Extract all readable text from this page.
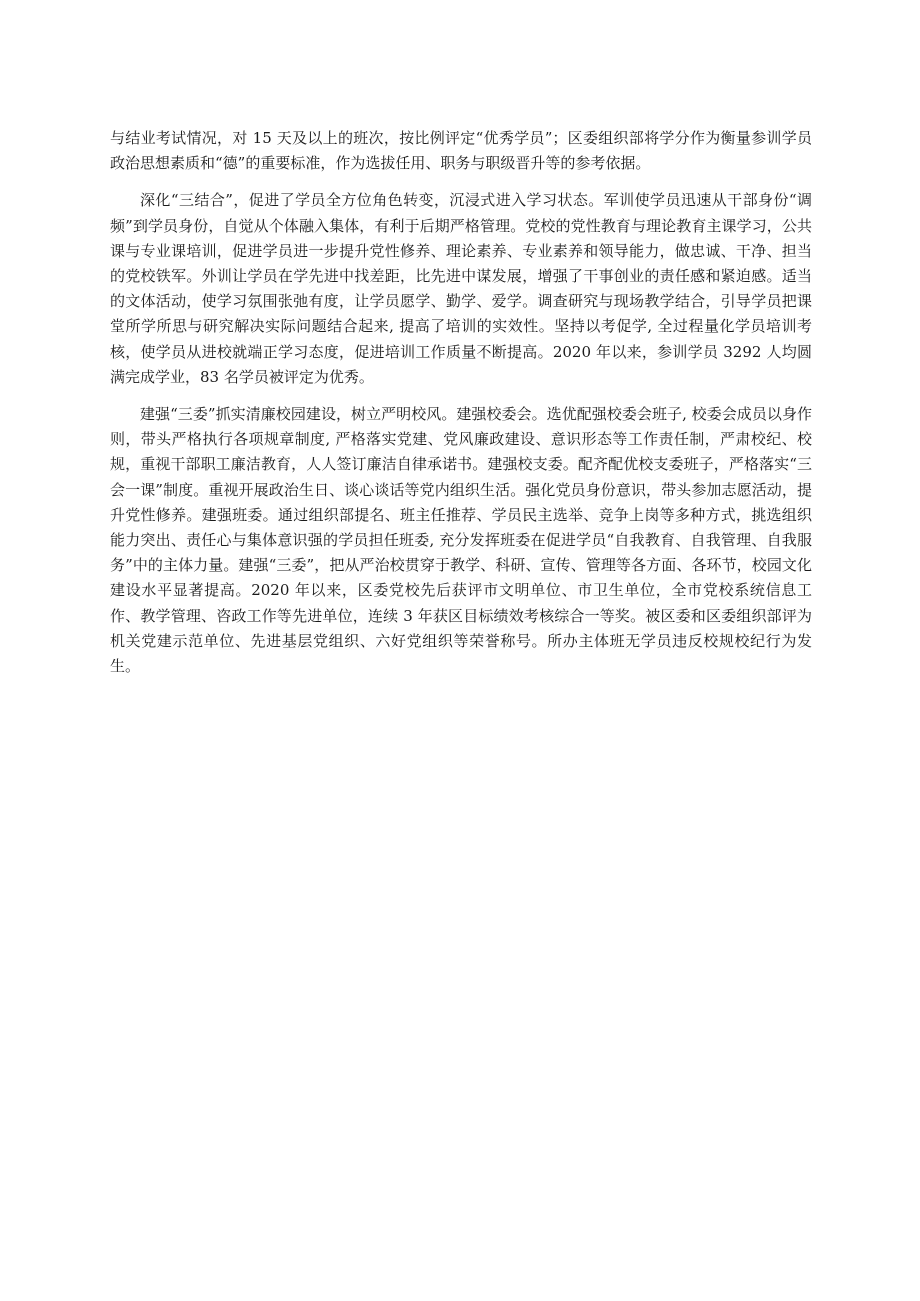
与结业考试情况，对 15 天及以上的班次，按比例评定“优秀学员”；区委组织部将学分作为衡量参训学员政治思想素质和“德”的重要标准，作为选拔任用、职务与职级晋升等的参考依据。

深化“三结合”，促进了学员全方位角色转变，沉浸式进入学习状态。军训使学员迅速从干部身份“调频”到学员身份，自觉从个体融入集体，有利于后期严格管理。党校的党性教育与理论教育主课学习，公共课与专业课培训，促进学员进一步提升党性修养、理论素养、专业素养和领导能力，做忠诚、干净、担当的党校铁军。外训让学员在学先进中找差距，比先进中谋发展，增强了干事创业的责任感和紧迫感。适当的文体活动，使学习氛围张弛有度，让学员愿学、勤学、爱学。调查研究与现场教学结合，引导学员把课堂所学所思与研究解决实际问题结合起来, 提高了培训的实效性。坚持以考促学, 全过程量化学员培训考核，使学员从进校就端正学习态度，促进培训工作质量不断提高。2020 年以来，参训学员 3292 人均圆满完成学业，83 名学员被评定为优秀。

建强“三委”抓实清廉校园建设，树立严明校风。建强校委会。选优配强校委会班子, 校委会成员以身作则，带头严格执行各项规章制度, 严格落实党建、党风廉政建设、意识形态等工作责任制，严肃校纪、校规，重视干部职工廉洁教育，人人签订廉洁自律承诺书。建强校支委。配齐配优校支委班子，严格落实“三会一课”制度。重视开展政治生日、谈心谈话等党内组织生活。强化党员身份意识，带头参加志愿活动，提升党性修养。建强班委。通过组织部提名、班主任推荐、学员民主选举、竞争上岗等多种方式，挑选组织能力突出、责任心与集体意识强的学员担任班委, 充分发挥班委在促进学员“自我教育、自我管理、自我服务”中的主体力量。建强“三委”，把从严治校贯穿于教学、科研、宣传、管理等各方面、各环节，校园文化建设水平显著提高。2020 年以来，区委党校先后获评市文明单位、市卫生单位，全市党校系统信息工作、教学管理、咨政工作等先进单位，连续 3 年获区目标绩效考核综合一等奖。被区委和区委组织部评为机关党建示范单位、先进基层党组织、六好党组织等荣誉称号。所办主体班无学员违反校规校纪行为发生。
